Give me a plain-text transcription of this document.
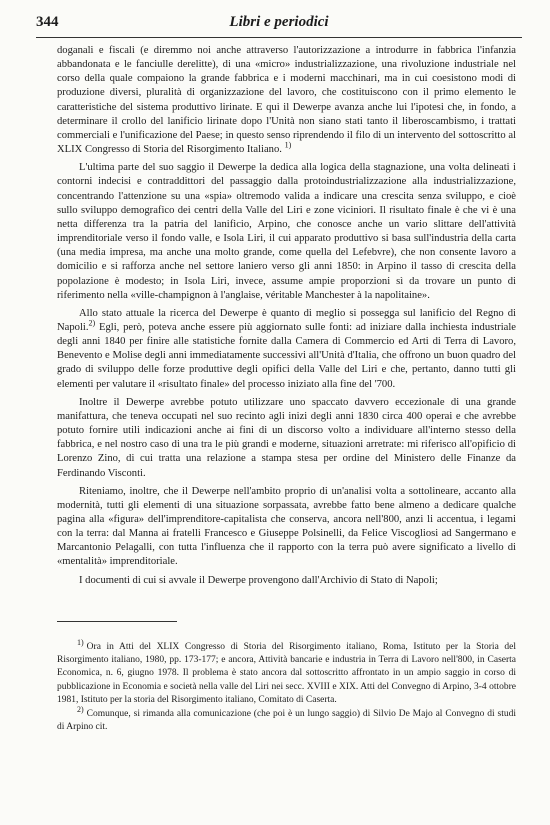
344	Libri e periodici

doganali e fiscali (e diremmo noi anche attraverso l'autorizzazione a introdurre in fabbrica l'infanzia abbandonata e le fanciulle derelitte), di una «micro» industrializzazione, una rivoluzione industriale nel corso della quale compaiono la grande fabbrica e i moderni macchinari, ma in cui coesistono modi di produzione diversi, pluralità di organizzazione del lavoro, che costituiscono con il primo elemento le caratteristiche del sistema produttivo lirinate. E qui il Dewerpe avanza anche lui l'ipotesi che, in fondo, a determinare il crollo del lanificio lirinate dopo l'Unità non siano stati tanto il liberoscambismo, i trattati commerciali e l'unificazione del Paese; in questo senso riprendendo il filo di un intervento del sottoscritto al XLIX Congresso di Storia del Risorgimento Italiano. $^{1)}$

L'ultima parte del suo saggio il Dewerpe la dedica alla logica della stagnazione, una volta delineati i contorni indecisi e contraddittori del passaggio dalla protoindustrializzazione alla industrializzazione, concentrando l'attenzione su una «spia» oltremodo valida a indicare una crescita senza sviluppo, e cioè sullo sviluppo demografico dei centri della Valle del Liri e zone viciniori. Il risultato finale è che vi è una netta differenza tra la patria del lanificio, Arpino, che conosce anche un vario slittare dell'attività imprenditoriale verso il fondo valle, e Isola Liri, il cui apparato produttivo si basa sull'industria della carta (una media impresa, ma anche una molto grande, come quella del Lefebvre), che non consente lavoro a domicilio e si rafforza anche nel settore laniero verso gli anni 1850: in Arpino il tasso di crescita della popolazione è modesto; in Isola Liri, invece, assume ampie proporzioni sì da trovare un punto di riferimento nella «ville-champignon à l'anglaise, véritable Manchester à la napolitaine».

Allo stato attuale la ricerca del Dewerpe è quanto di meglio si possegga sul lanificio del Regno di Napoli.$^{2)}$ Egli, però, poteva anche essere più aggiornato sulle fonti: ad iniziare dalla inchiesta industriale degli anni 1840 per finire alle statistiche fornite dalla Camera di Commercio ed Arti di Terra di Lavoro, Benevento e Molise degli anni immediatamente successivi all'Unità d'Italia, che offrono un buon quadro del grado di sviluppo delle forze produttive degli opifici della Valle del Liri e che, pertanto, danno tutti gli elementi per valutare il «risultato finale» del processo iniziato alla fine del '700.

Inoltre il Dewerpe avrebbe potuto utilizzare uno spaccato davvero eccezionale di una grande manifattura, che teneva occupati nel suo recinto agli inizi degli anni 1830 circa 400 operai e che avrebbe potuto fornire utili indicazioni anche ai fini di un discorso volto a individuare all'interno stesso della fabbrica, e nel nostro caso di una tra le più grandi e moderne, situazioni arretrate: mi riferisco all'opificio di Lorenzo Zino, di cui tratta una relazione a stampa stesa per ordine del Ministero delle Finanze da Ferdinando Visconti.

Riteniamo, inoltre, che il Dewerpe nell'ambito proprio di un'analisi volta a sottolineare, accanto alla modernità, tutti gli elementi di una situazione sorpassata, avrebbe fatto bene almeno a dedicare qualche pagina alla «figura» dell'imprenditore-capitalista che conserva, ancora nell'800, anzi li accentua, i legami con la terra: dal Manna ai fratelli Francesco e Giuseppe Polsinelli, da Felice Viscogliosi ad Sangermano e Marcantonio Pelagalli, con tutta l'influenza che il rapporto con la terra può avere significato a livello di «mentalità» imprenditoriale.

I documenti di cui si avvale il Dewerpe provengono dall'Archivio di Stato di Napoli;

$^{1)}$ Ora in Atti del XLIX Congresso di Storia del Risorgimento italiano, Roma, Istituto per la Storia del Risorgimento italiano, 1980, pp. 173-177; e ancora, Attività bancarie e industria in Terra di Lavoro nell'800, in Caserta Economica, n. 6, giugno 1978. Il problema è stato ancora dal sottoscritto affrontato in un ampio saggio in corso di pubblicazione in Economia e società nella valle del Liri nei secc. XVIII e XIX. Atti del Convegno di Arpino, 3-4 ottobre 1981, Istituto per la storia del Risorgimento italiano, Comitato di Caserta.

$^{2)}$ Comunque, si rimanda alla comunicazione (che poi è un lungo saggio) di Silvio De Majo al Convegno di studi di Arpino cit.
